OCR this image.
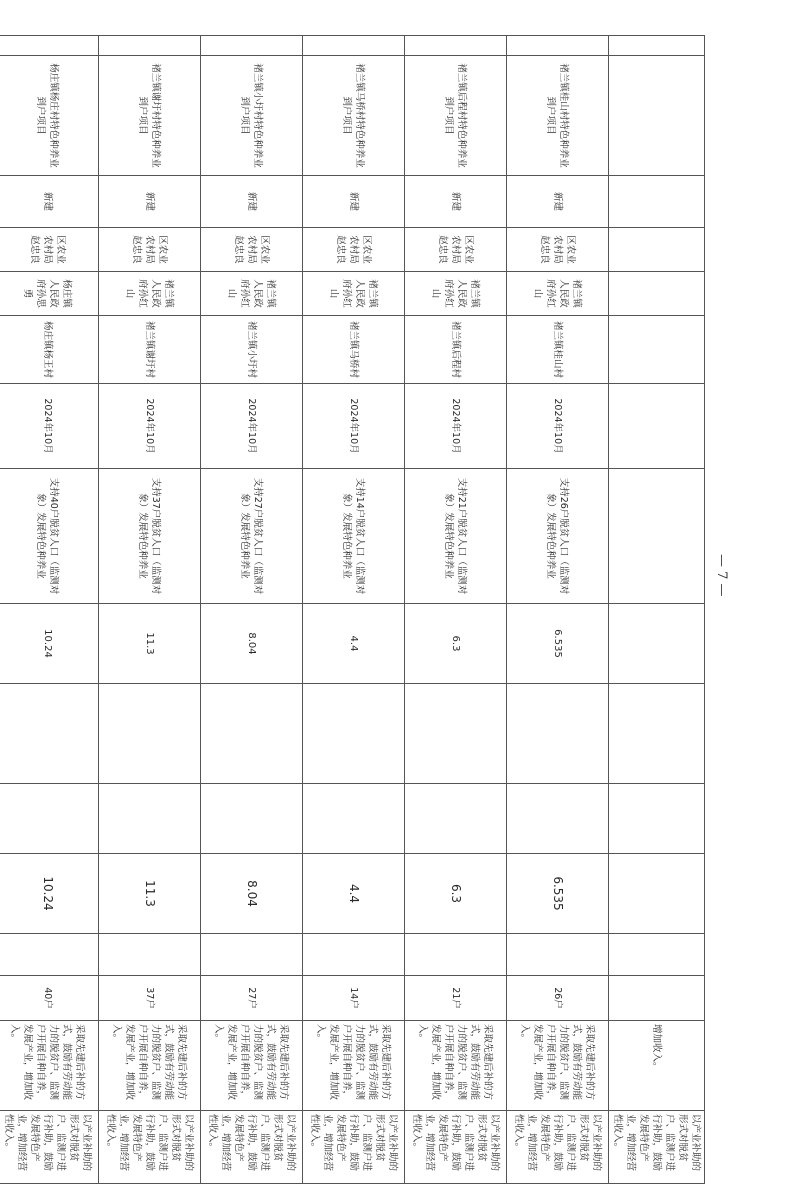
														增加收入。	以产业补助的形式对脱贫户、监测户进行补助，鼓励发展特色产业，增加经营性收入。
	褚兰镇桂山村特色种养业到户项目	新建	区农业农村局赵忠良	褚兰镇人民政府孙红山	褚兰镇桂山村	2024年10月	支持26户脱贫人口（监测对象）发展特色种养业	6.535			6.535		26户	采取先建后补的方式，鼓励有劳动能力的脱贫户、监测户开展自种自养，发展产业，增加收入。	以产业补助的形式对脱贫户、监测户进行补助，鼓励发展特色产业，增加经营性收入。
	褚兰镇后程村特色种养业到户项目	新建	区农业农村局赵忠良	褚兰镇人民政府孙红山	褚兰镇后程村	2024年10月	支持21户脱贫人口（监测对象）发展特色种养业	6.3			6.3		21户	采取先建后补的方式，鼓励有劳动能力的脱贫户、监测户开展自种自养，发展产业，增加收入。	以产业补助的形式对脱贫户、监测户进行补助，鼓励发展特色产业，增加经营性收入。
	褚兰镇马桥村特色种养业到户项目	新建	区农业农村局赵忠良	褚兰镇人民政府孙红山	褚兰镇马桥村	2024年10月	支持14户脱贫人口（监测对象）发展特色种养业	4.4			4.4		14户	采取先建后补的方式，鼓励有劳动能力的脱贫户、监测户开展自种自养，发展产业，增加收入。	以产业补助的形式对脱贫户、监测户进行补助，鼓励发展特色产业，增加经营性收入。
	褚兰镇小圩村特色种养业到户项目	新建	区农业农村局赵忠良	褚兰镇人民政府孙红山	褚兰镇小圩村	2024年10月	支持27户脱贫人口（监测对象）发展特色种养业	8.04			8.04		27户	采取先建后补的方式，鼓励有劳动能力的脱贫户、监测户开展自种自养，发展产业，增加收入。	以产业补助的形式对脱贫户、监测户进行补助，鼓励发展特色产业，增加经营性收入。
	褚兰镇谢圩村特色种养业到户项目	新建	区农业农村局赵忠良	褚兰镇人民政府孙红山	褚兰镇谢圩村	2024年10月	支持37户脱贫人口（监测对象）发展特色种养业	11.3			11.3		37户	采取先建后补的方式，鼓励有劳动能力的脱贫户、监测户开展自种自养，发展产业，增加收入。	以产业补助的形式对脱贫户、监测户进行补助，鼓励发展特色产业，增加经营性收入。
	杨庄镇杨庄村特色种养业到户项目	新建	区农业农村局赵忠良	杨庄镇人民政府孙思勇	杨庄镇杨王村	2024年10月	支持40户脱贫人口（监测对象）发展特色种养业	10.24			10.24		40户	采取先建后补的方式，鼓励有劳动能力的脱贫户、监测户开展自种自养，发展产业，增加收入。	以产业补助的形式对脱贫户、监测户进行补助，鼓励发展特色产业，增加经营性收入。
— 7 —
